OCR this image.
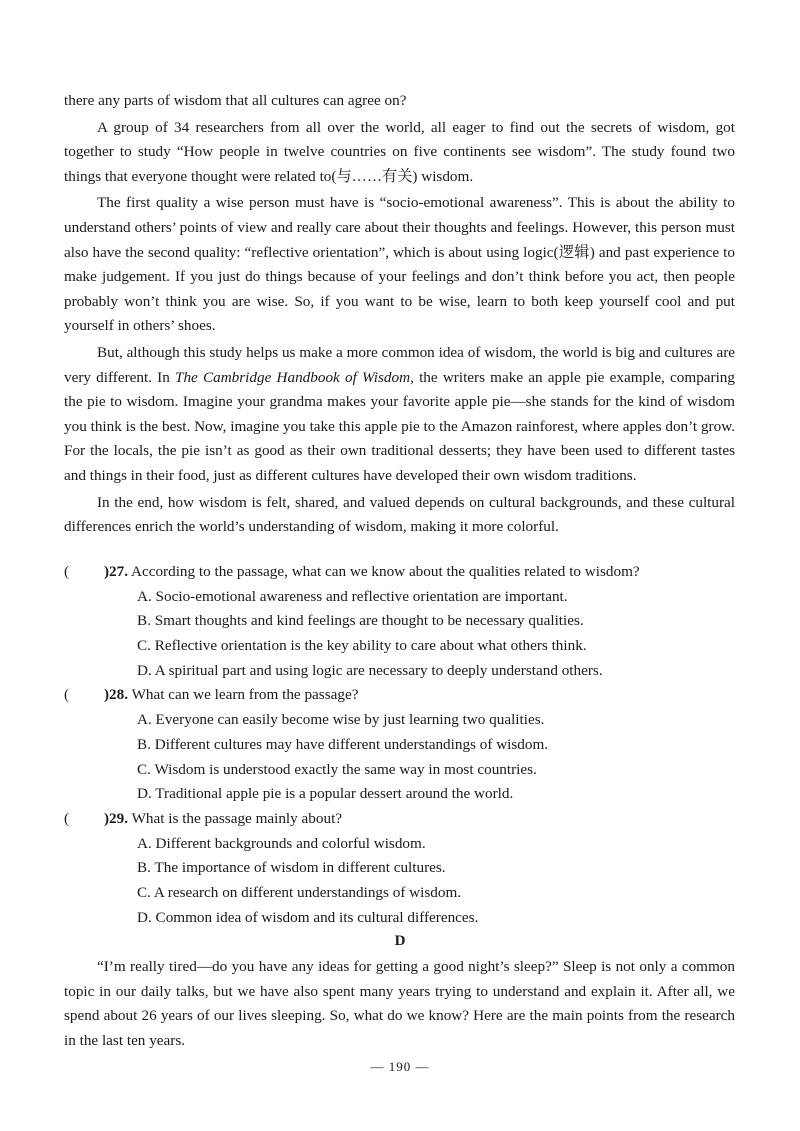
there any parts of wisdom that all cultures can agree on?

A group of 34 researchers from all over the world, all eager to find out the secrets of wisdom, got together to study “How people in twelve countries on five continents see wisdom”. The study found two things that everyone thought were related to(与……有关) wisdom.

The first quality a wise person must have is “socio-emotional awareness”. This is about the ability to understand others’ points of view and really care about their thoughts and feelings. However, this person must also have the second quality: “reflective orientation”, which is about using logic(逻辑) and past experience to make judgement. If you just do things because of your feelings and don’t think before you act, then people probably won’t think you are wise. So, if you want to be wise, learn to both keep yourself cool and put yourself in others’ shoes.

But, although this study helps us make a more common idea of wisdom, the world is big and cultures are very different. In The Cambridge Handbook of Wisdom, the writers make an apple pie example, comparing the pie to wisdom. Imagine your grandma makes your favorite apple pie—she stands for the kind of wisdom you think is the best. Now, imagine you take this apple pie to the Amazon rainforest, where apples don’t grow. For the locals, the pie isn’t as good as their own traditional desserts; they have been used to different tastes and things in their food, just as different cultures have developed their own wisdom traditions.

In the end, how wisdom is felt, shared, and valued depends on cultural backgrounds, and these cultural differences enrich the world’s understanding of wisdom, making it more colorful.

( )27. According to the passage, what can we know about the qualities related to wisdom?
A. Socio-emotional awareness and reflective orientation are important.
B. Smart thoughts and kind feelings are thought to be necessary qualities.
C. Reflective orientation is the key ability to care about what others think.
D. A spiritual part and using logic are necessary to deeply understand others.
( )28. What can we learn from the passage?
A. Everyone can easily become wise by just learning two qualities.
B. Different cultures may have different understandings of wisdom.
C. Wisdom is understood exactly the same way in most countries.
D. Traditional apple pie is a popular dessert around the world.
( )29. What is the passage mainly about?
A. Different backgrounds and colorful wisdom.
B. The importance of wisdom in different cultures.
C. A research on different understandings of wisdom.
D. Common idea of wisdom and its cultural differences.
D

“I’m really tired—do you have any ideas for getting a good night’s sleep?” Sleep is not only a common topic in our daily talks, but we have also spent many years trying to understand and explain it. After all, we spend about 26 years of our lives sleeping. So, what do we know? Here are the main points from the research in the last ten years.

— 190 —
